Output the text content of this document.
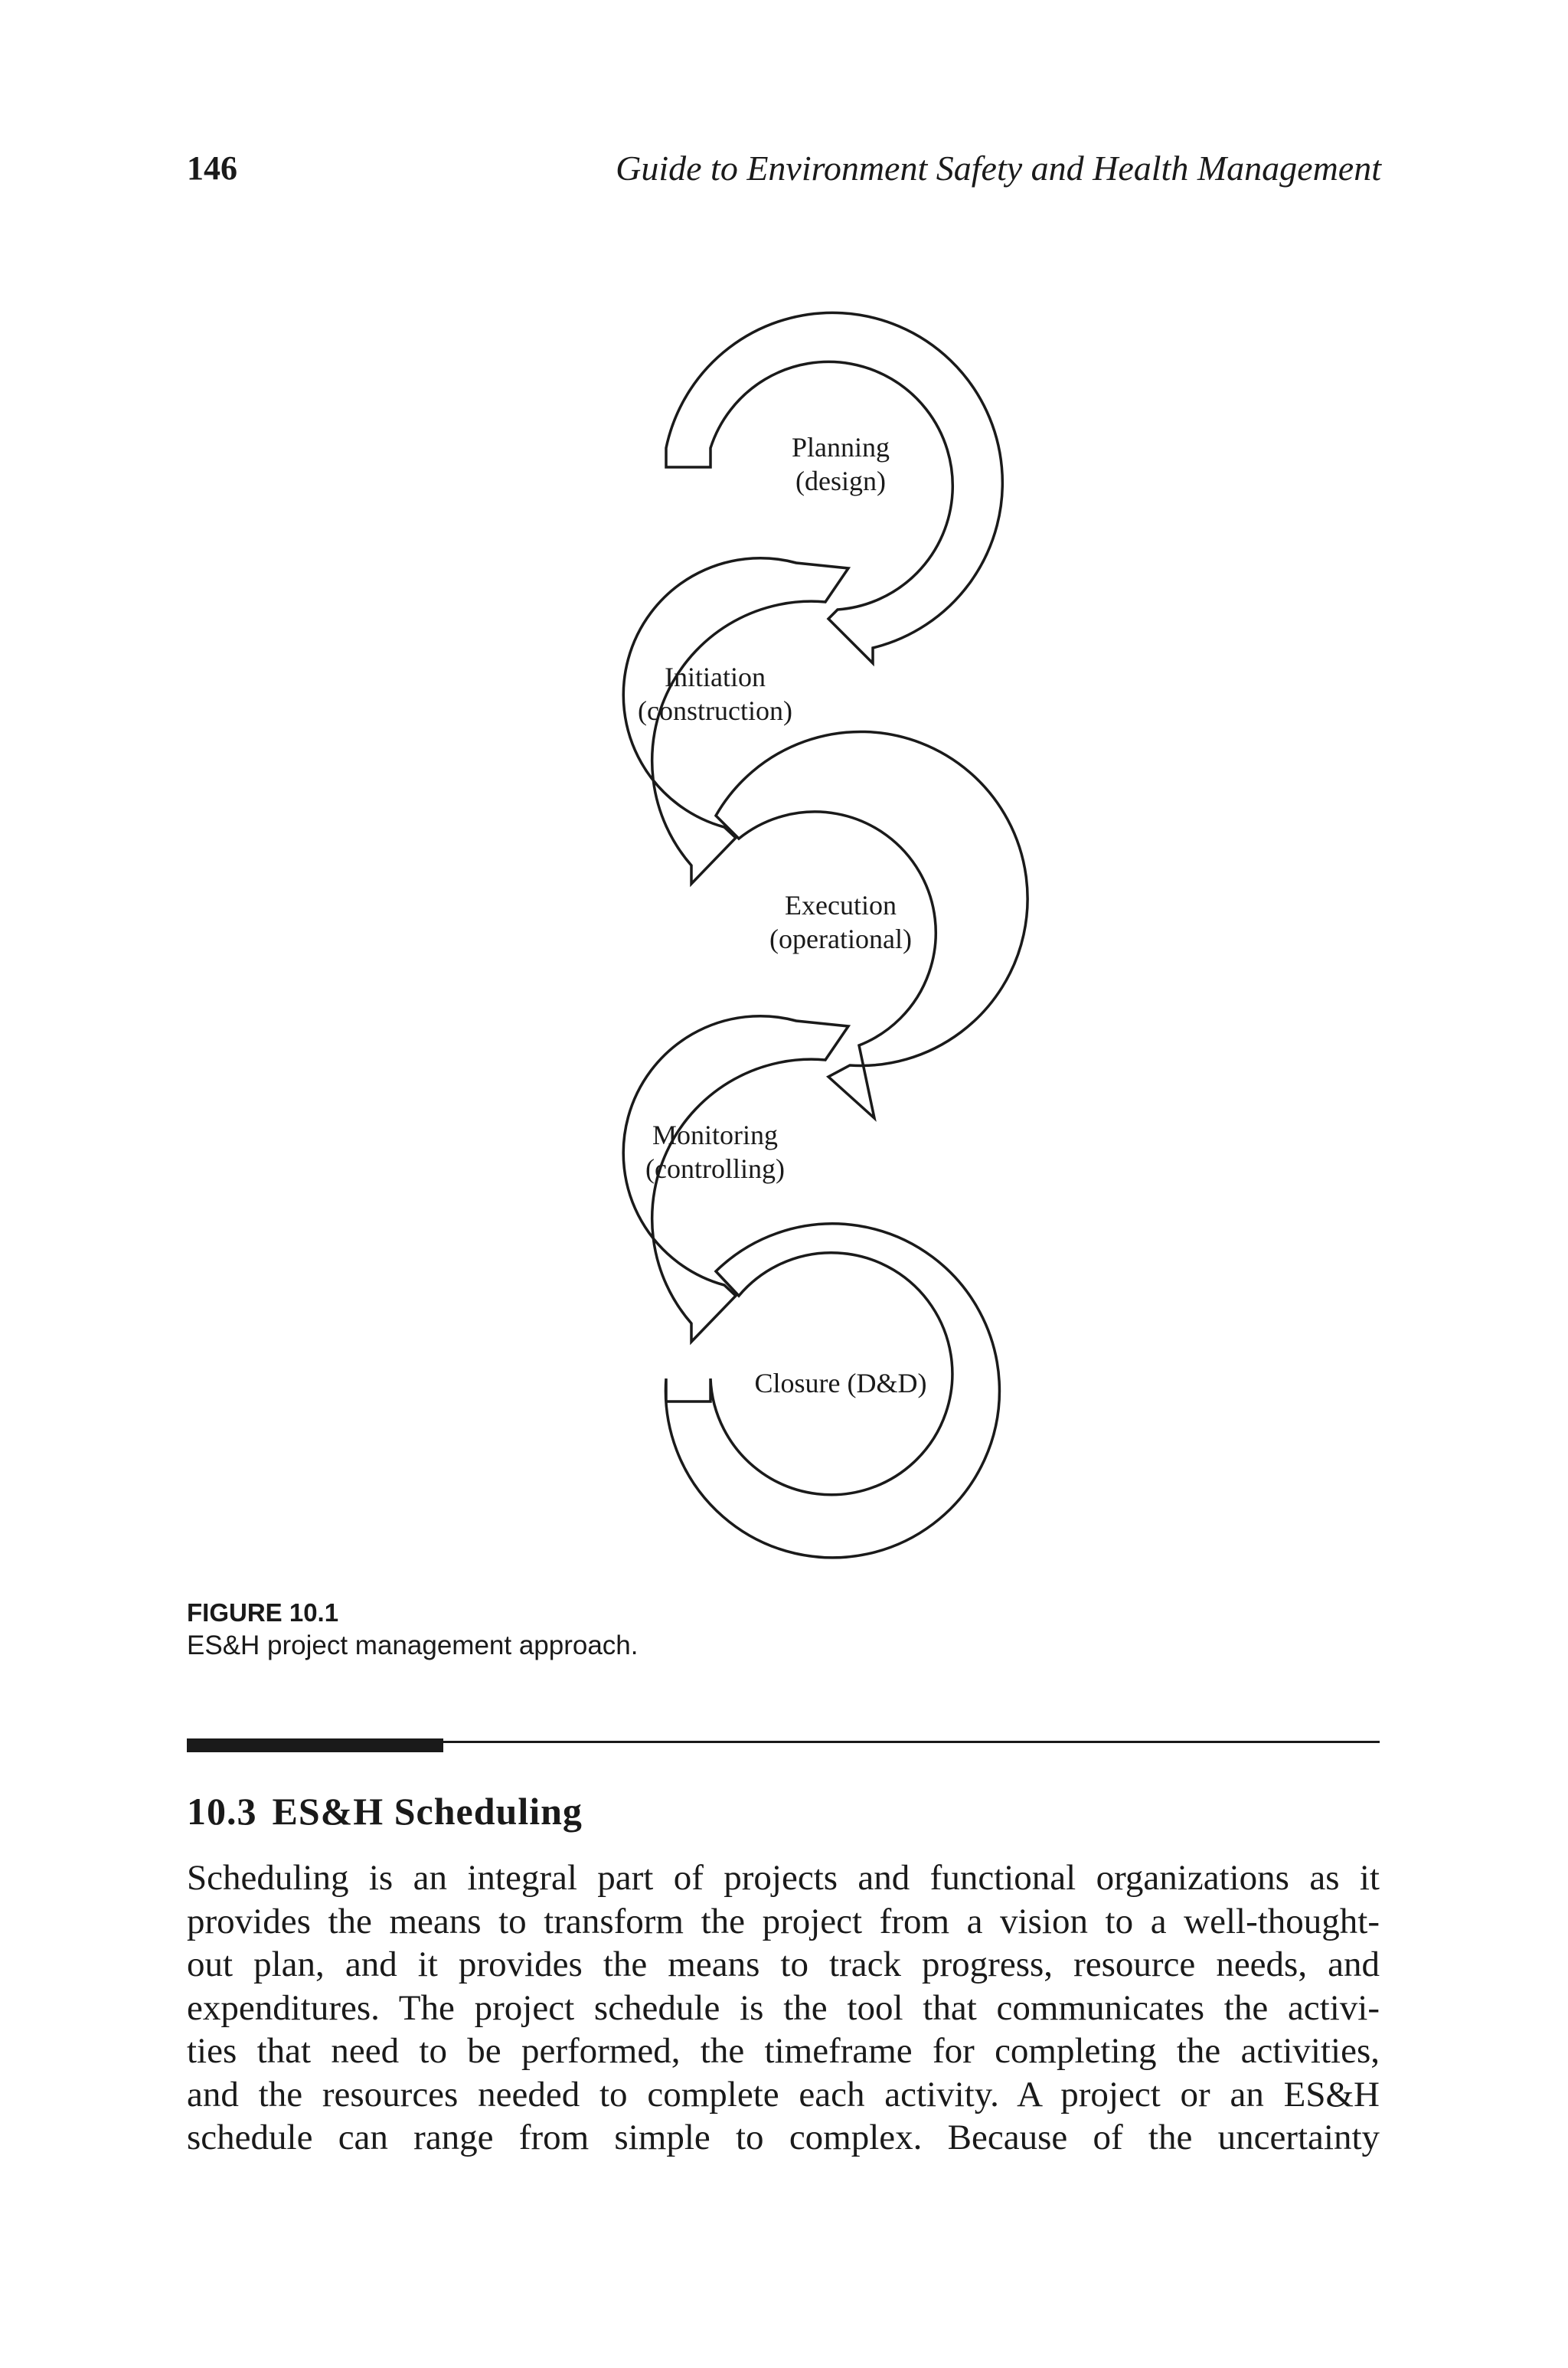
146	Guide to Environment Safety and Health Management
Planning
(design)
Initiation
(construction)
Execution
(operational)
Monitoring
(controlling)
Closure (D&D)
FIGURE 10.1
ES&H project management approach.
10.3 ES&H Scheduling

Scheduling is an integral part of projects and functional organizations as it
provides the means to transform the project from a vision to a well-thought-
out plan, and it provides the means to track progress, resource needs, and
expenditures. The project schedule is the tool that communicates the activi-
ties that need to be performed, the timeframe for completing the activities,
and the resources needed to complete each activity. A project or an ES&H
schedule can range from simple to complex. Because of the uncertainty
